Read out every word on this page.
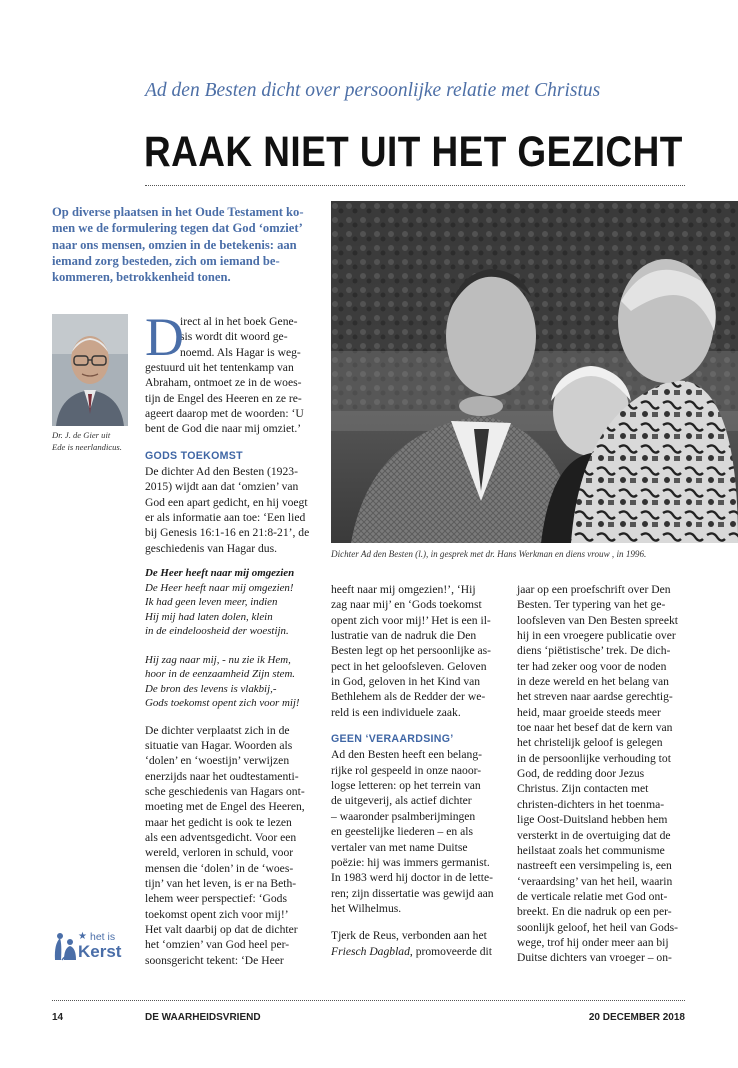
Ad den Besten dicht over persoonlijke relatie met Christus
RAAK NIET UIT HET GEZICHT
Op diverse plaatsen in het Oude Testament ko-
men we de formulering tegen dat God ‘omziet’
naar ons mensen, omzien in de betekenis: aan
iemand zorg besteden, zich om iemand be-
kommeren, betrokkenheid tonen.
Dr. J. de Gier uit
Ede is neerlandicus.
D
irect al in het boek Gene-
sis wordt dit woord ge-
noemd. Als Hagar is weg-
gestuurd uit het tentenkamp van
Abraham, ontmoet ze in de woes-
tijn de Engel des Heeren en ze re-
ageert daarop met de woorden: ‘U
bent de God die naar mij omziet.’
GODS TOEKOMST
De dichter Ad den Besten (1923-
2015) wijdt aan dat ‘omzien’ van
God een apart gedicht, en hij voegt
er als informatie aan toe: ‘Een lied
bij Genesis 16:1-16 en 21:8-21’, de
geschiedenis van Hagar dus.
De Heer heeft naar mij omgezien
De Heer heeft naar mij omgezien!
Ik had geen leven meer, indien
Hij mij had laten dolen, klein
in de eindeloosheid der woestijn.
Hij zag naar mij, - nu zie ik Hem,
hoor in de eenzaamheid Zijn stem.
De bron des levens is vlakbij,-
Gods toekomst opent zich voor mij!
De dichter verplaatst zich in de
situatie van Hagar. Woorden als
‘dolen’ en ‘woestijn’ verwijzen
enerzijds naar het oudtestamenti-
sche geschiedenis van Hagars ont-
moeting met de Engel des Heeren,
maar het gedicht is ook te lezen
als een adventsgedicht. Voor een
wereld, verloren in schuld, voor
mensen die ‘dolen’ in de ‘woes-
tijn’ van het leven, is er na Beth-
lehem weer perspectief: ‘Gods
toekomst opent zich voor mij!’
Het valt daarbij op dat de dichter
het ‘omzien’ van God heel per-
soonsgericht tekent: ‘De Heer
Dichter Ad den Besten (l.), in gesprek met dr. Hans Werkman en diens vrouw , in 1996.
heeft naar mij omgezien!’, ‘Hij
zag naar mij’ en ‘Gods toekomst
opent zich voor mij!’ Het is een il-
lustratie van de nadruk die Den
Besten legt op het persoonlijke as-
pect in het geloofsleven. Geloven
in God, geloven in het Kind van
Bethlehem als de Redder der we-
reld is een individuele zaak.
GEEN ‘VERAARDSING’
Ad den Besten heeft een belang-
rijke rol gespeeld in onze naoor-
logse letteren: op het terrein van
de uitgeverij, als actief dichter
– waaronder psalmberijmingen
en geestelijke liederen – en als
vertaler van met name Duitse
poëzie: hij was immers germanist.
In 1983 werd hij doctor in de lette-
ren; zijn dissertatie was gewijd aan
het Wilhelmus.
Tjerk de Reus, verbonden aan het
Friesch Dagblad, promoveerde dit
jaar op een proefschrift over Den
Besten. Ter typering van het ge-
loofsleven van Den Besten spreekt
hij in een vroegere publicatie over
diens ‘piëtistische’ trek. De dich-
ter had zeker oog voor de noden
in deze wereld en het belang van
het streven naar aardse gerechtig-
heid, maar groeide steeds meer
toe naar het besef dat de kern van
het christelijk geloof is gelegen
in de persoonlijke verhouding tot
God, de redding door Jezus
Christus. Zijn contacten met
christen-dichters in het toenma-
lige Oost-Duitsland hebben hem
versterkt in de overtuiging dat de
heilstaat zoals het communisme
nastreeft een versimpeling is, een
‘veraardsing’ van het heil, waarin
de verticale relatie met God ont-
breekt. En die nadruk op een per-
soonlijk geloof, het heil van Gods-
wege, trof hij onder meer aan bij
Duitse dichters van vroeger – on-
★ het is
Kerst
14	DE WAARHEIDSVRIEND	20 DECEMBER 2018
